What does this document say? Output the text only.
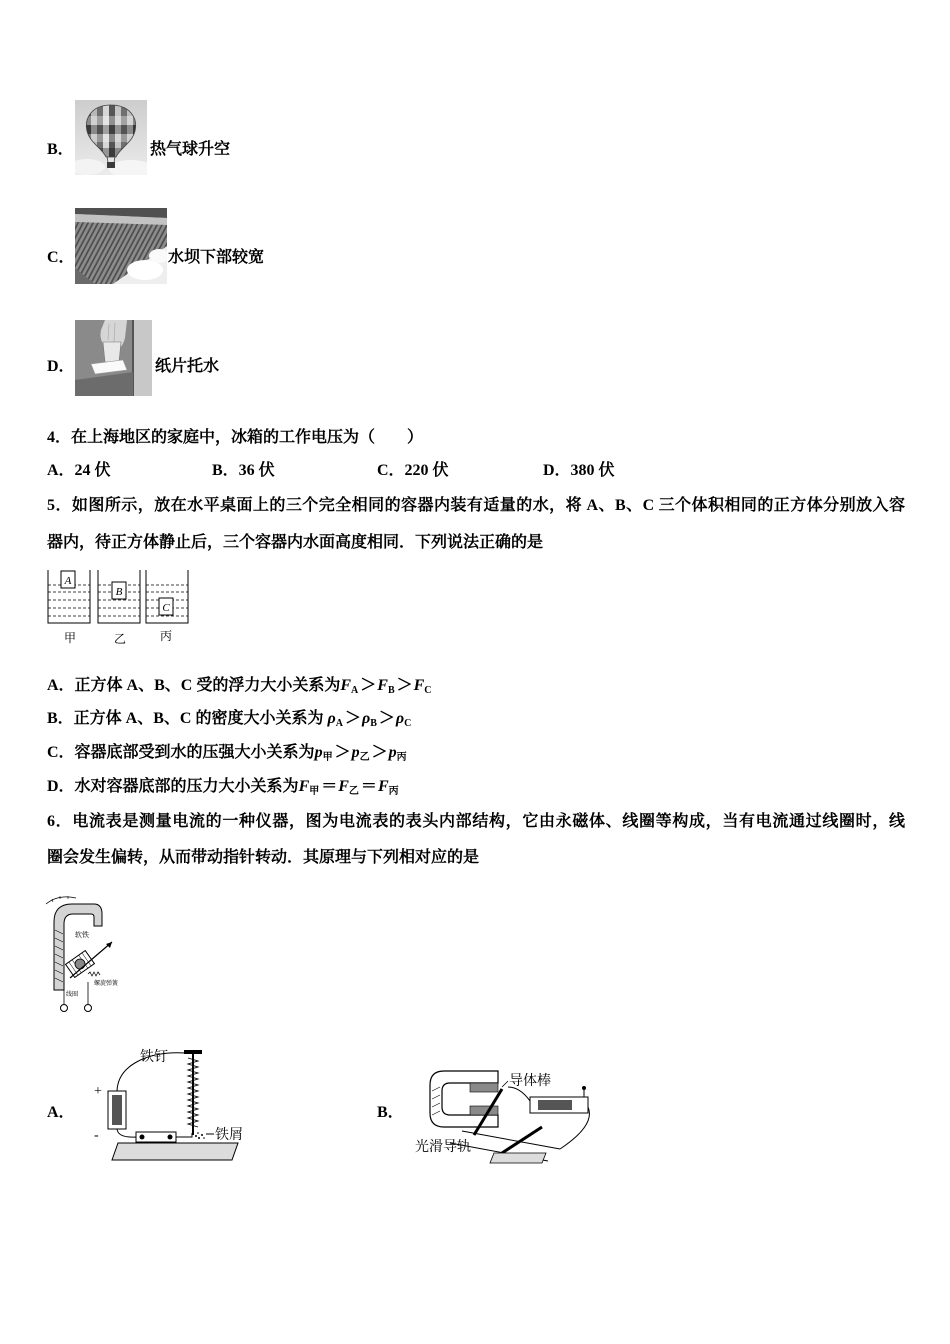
B．	热气球升空
C．	水坝下部较宽
D．	纸片托水
4．在上海地区的家庭中，冰箱的工作电压为（　　）
A．24 伏	B．36 伏	C．220 伏	D．380 伏
5．如图所示，放在水平桌面上的三个完全相同的容器内装有适量的水，将 A、B、C 三个体积相同的正方体分别放入容
器内，待正方体静止后，三个容器内水面高度相同．下列说法正确的是
A
B
C
甲	乙	丙
A．正方体 A、B、C 受的浮力大小关系为$F_A >F_B >F_C$
B．正方体 A、B、C 的密度大小关系为 $\rho_A >\rho_B >\rho_C$
C．容器底部受到水的压强大小关系为$p_甲 >p_乙 >p_丙$
D．水对容器底部的压力大小关系为$F_甲 =F_乙 =F_丙$
6．电流表是测量电流的一种仪器，图为电流表的表头内部结构，它由永磁体、线圈等构成，当有电流通过线圈时，线
圈会发生偏转，从而带动指针转动．其原理与下列相对应的是
软铁
螺旋弹簧
线圈
A．
铁钉
铁屑
+
-
B．
导体棒
光滑导轨
